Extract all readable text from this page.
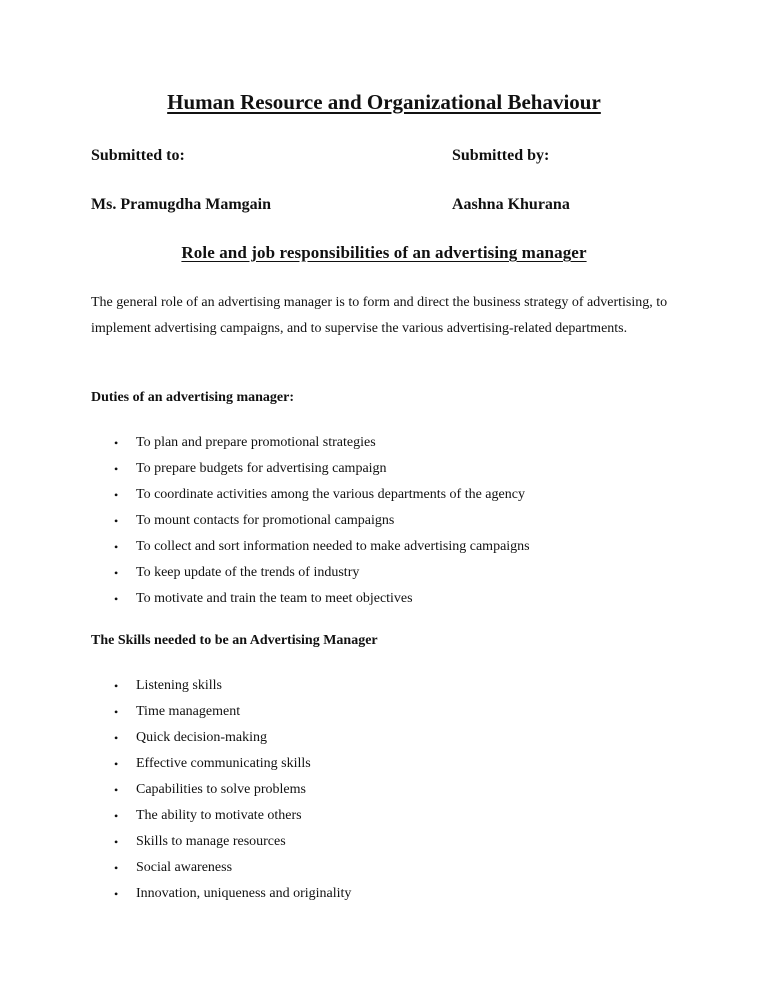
Human Resource and Organizational Behaviour
Submitted to:	Submitted by:
Ms. Pramugdha Mamgain	Aashna Khurana
Role and job responsibilities of an advertising manager
The general role of an advertising manager is to form and direct the business strategy of advertising, to implement advertising campaigns, and to supervise the various advertising-related departments.
Duties of an advertising manager:
• To plan and prepare promotional strategies
• To prepare budgets for advertising campaign
• To coordinate activities among the various departments of the agency
• To mount contacts for promotional campaigns
• To collect and sort information needed to make advertising campaigns
• To keep update of the trends of industry
• To motivate and train the team to meet objectives
The Skills needed to be an Advertising Manager
• Listening skills
• Time management
• Quick decision-making
• Effective communicating skills
• Capabilities to solve problems
• The ability to motivate others
• Skills to manage resources
• Social awareness
• Innovation, uniqueness and originality
